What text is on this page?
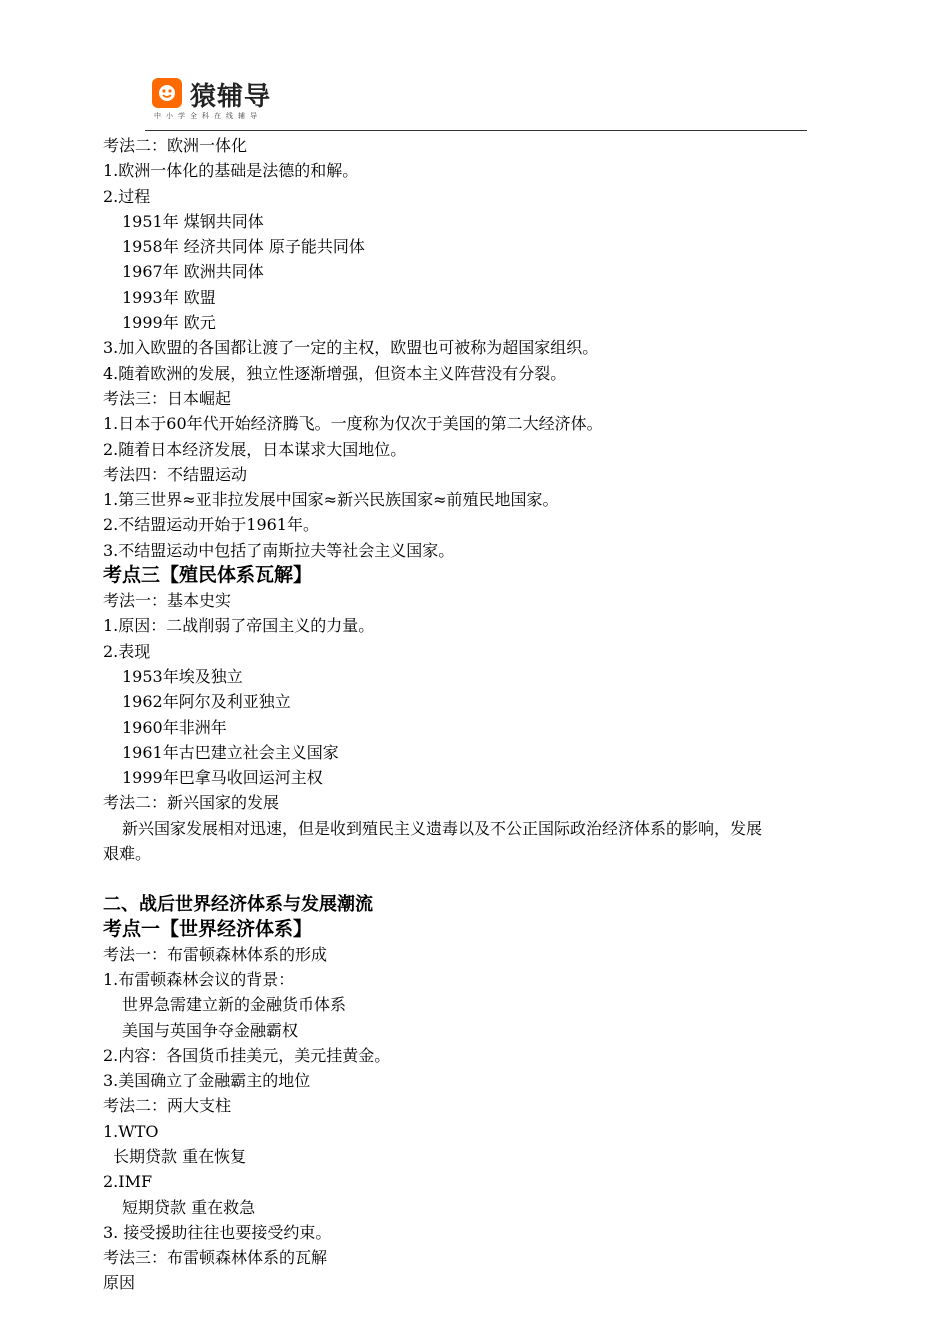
猿辅导
中小学全科在线辅导
考法二：欧洲一体化
1.欧洲一体化的基础是法德的和解。
2.过程
1951年 煤钢共同体
1958年 经济共同体 原子能共同体
1967年 欧洲共同体
1993年 欧盟
1999年 欧元
3.加入欧盟的各国都让渡了一定的主权，欧盟也可被称为超国家组织。
4.随着欧洲的发展，独立性逐渐增强，但资本主义阵营没有分裂。
考法三：日本崛起
1.日本于60年代开始经济腾飞。一度称为仅次于美国的第二大经济体。
2.随着日本经济发展，日本谋求大国地位。
考法四：不结盟运动
1.第三世界≈亚非拉发展中国家≈新兴民族国家≈前殖民地国家。
2.不结盟运动开始于1961年。
3.不结盟运动中包括了南斯拉夫等社会主义国家。
考点三【殖民体系瓦解】
考法一：基本史实
1.原因：二战削弱了帝国主义的力量。
2.表现
1953年埃及独立
1962年阿尔及利亚独立
1960年非洲年
1961年古巴建立社会主义国家
1999年巴拿马收回运河主权
考法二：新兴国家的发展
新兴国家发展相对迅速，但是收到殖民主义遗毒以及不公正国际政治经济体系的影响，发展
艰难。
二、战后世界经济体系与发展潮流
考点一【世界经济体系】
考法一：布雷顿森林体系的形成
1.布雷顿森林会议的背景：
世界急需建立新的金融货币体系
美国与英国争夺金融霸权
2.内容：各国货币挂美元，美元挂黄金。
3.美国确立了金融霸主的地位
考法二：两大支柱
1.WTO
长期贷款 重在恢复
2.IMF
短期贷款 重在救急
3. 接受援助往往也要接受约束。
考法三：布雷顿森林体系的瓦解
原因
